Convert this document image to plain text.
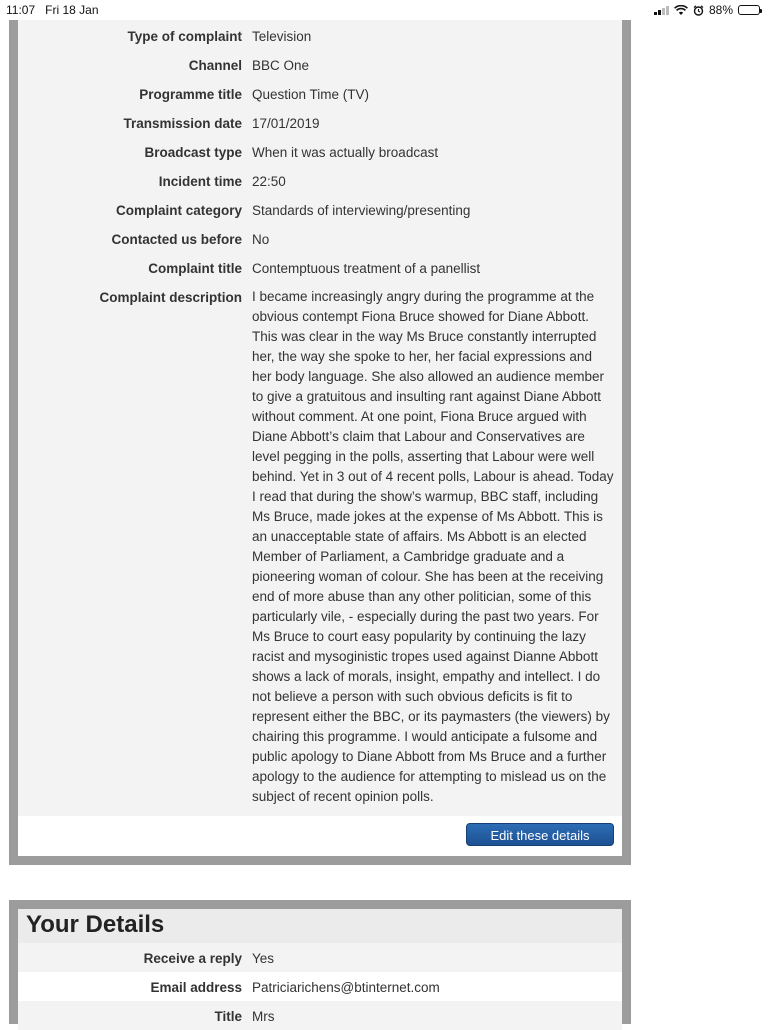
11:07 Fri 18 Jan	88%
Type of complaint Television
Channel BBC One
Programme title Question Time (TV)
Transmission date 17/01/2019
Broadcast type When it was actually broadcast
Incident time 22:50
Complaint category Standards of interviewing/presenting
Contacted us before No
Complaint title Contemptuous treatment of a panellist
Complaint description I became increasingly angry during the programme at the obvious contempt Fiona Bruce showed for Diane Abbott. This was clear in the way Ms Bruce constantly interrupted her, the way she spoke to her, her facial expressions and her body language. She also allowed an audience member to give a gratuitous and insulting rant against Diane Abbott without comment. At one point, Fiona Bruce argued with Diane Abbott’s claim that Labour and Conservatives are level pegging in the polls, asserting that Labour were well behind. Yet in 3 out of 4 recent polls, Labour is ahead. Today I read that during the show’s warmup, BBC staff, including Ms Bruce, made jokes at the expense of Ms Abbott. This is an unacceptable state of affairs. Ms Abbott is an elected Member of Parliament, a Cambridge graduate and a pioneering woman of colour. She has been at the receiving end of more abuse than any other politician, some of this particularly vile, - especially during the past two years. For Ms Bruce to court easy popularity by continuing the lazy racist and mysoginistic tropes used against Dianne Abbott shows a lack of morals, insight, empathy and intellect. I do not believe a person with such obvious deficits is fit to represent either the BBC, or its paymasters (the viewers) by chairing this programme. I would anticipate a fulsome and public apology to Diane Abbott from Ms Bruce and a further apology to the audience for attempting to mislead us on the subject of recent opinion polls.
Edit these details
Your Details
Receive a reply Yes
Email address Patriciarichens@btinternet.com
Title Mrs
